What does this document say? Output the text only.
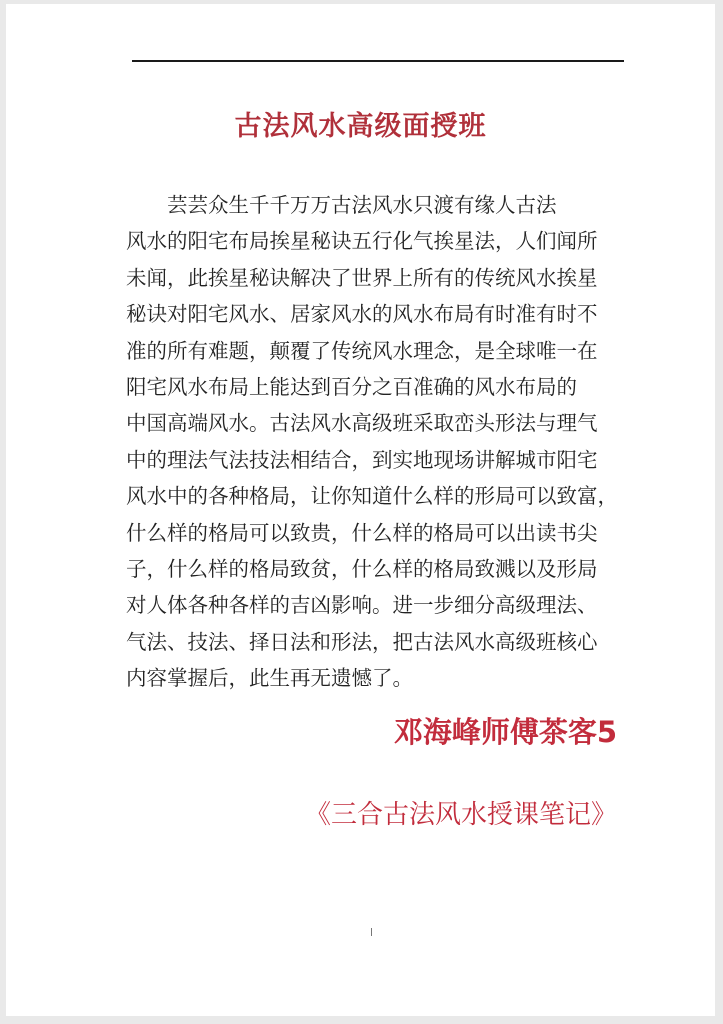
古法风水高级面授班
芸芸众生千千万万古法风水只渡有缘人古法
风水的阳宅布局挨星秘诀五行化气挨星法，人们闻所
未闻，此挨星秘诀解决了世界上所有的传统风水挨星
秘诀对阳宅风水、居家风水的风水布局有时准有时不
准的所有难题，颠覆了传统风水理念，是全球唯一在
阳宅风水布局上能达到百分之百准确的风水布局的
中国高端风水。古法风水高级班采取峦头形法与理气
中的理法气法技法相结合，到实地现场讲解城市阳宅
风水中的各种格局，让你知道什么样的形局可以致富，
什么样的格局可以致贵，什么样的格局可以出读书尖
子，什么样的格局致贫，什么样的格局致溅以及形局
对人体各种各样的吉凶影响。进一步细分高级理法、
气法、技法、择日法和形法，把古法风水高级班核心
内容掌握后，此生再无遗憾了。
邓海峰师傅茶客5
《三合古法风水授课笔记》
